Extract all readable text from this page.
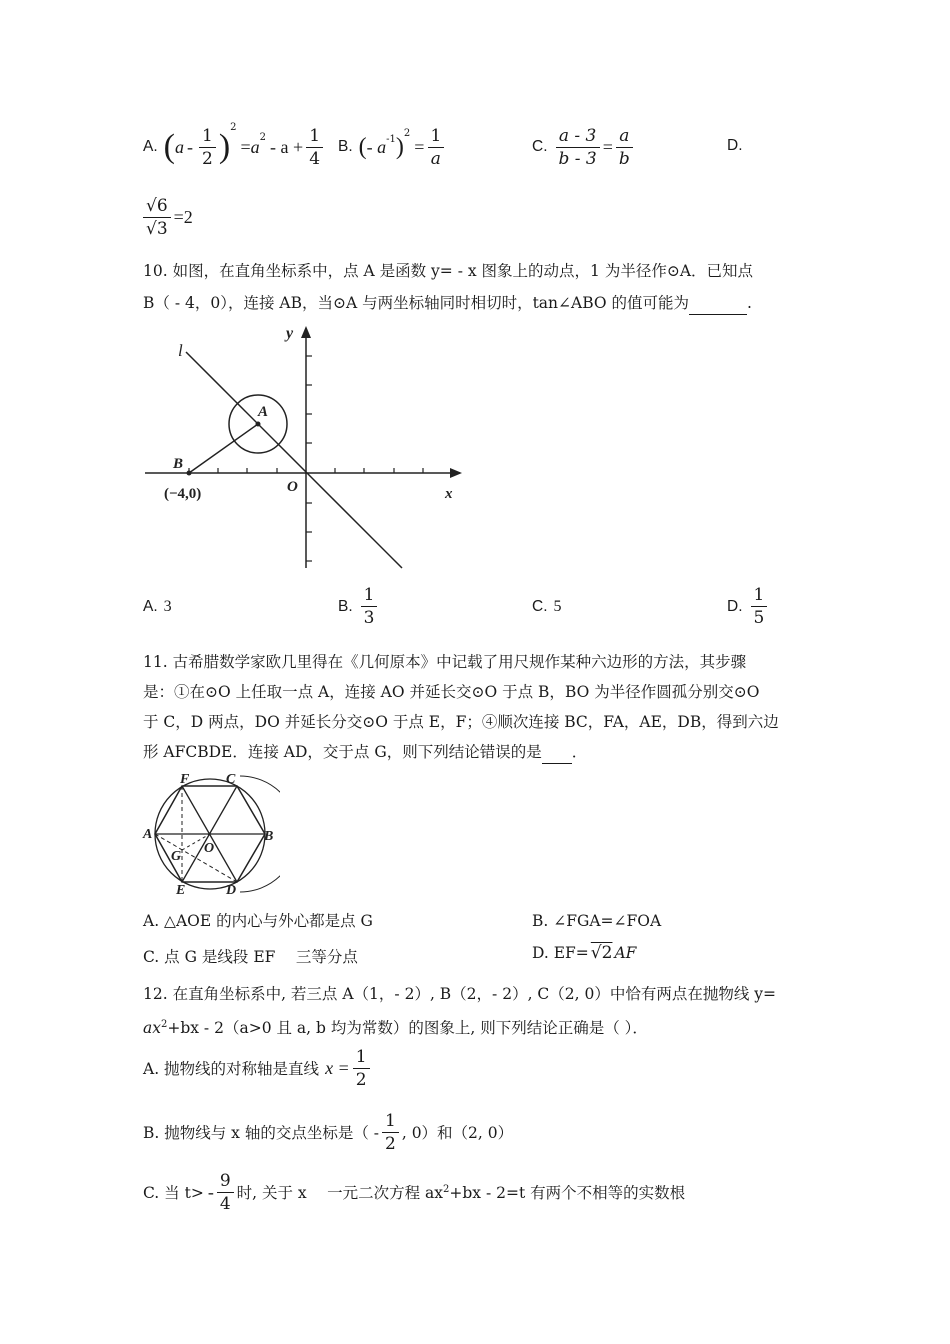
A. ( a - $\frac{1}{2}$ )
$^2$
= $a^2 - a + \frac{1}{4} B$. ( - $a^{-1}$ )$^2$
= $\frac{1}{a}$	C. $\frac{a - 3}{b - 3} = \frac{a}{b}$	D.
$\frac{√6}{√3} =2$
10. 如图，在直角坐标系中，点 A 是函数 y= - x 图象上的动点，1 为半径作⊙A．已知点
B（ - 4，0），连接 AB，当⊙A 与两坐标轴同时相切时，tan∠ABO 的值可能为	.
l
y
A
B
(−4,0)	O	x
A. 3	B. $\frac{1}{3}$	C. 5	D. $\frac{1}{5}$
11. 古希腊数学家欧几里得在《几何原本》中记载了用尺规作某种六边形的方法，其步骤
是：①在⊙O 上任取一点 A，连接 AO 并延长交⊙O 于点 B，BO 为半径作圆孤分别交⊙O
于 C，D 两点，DO 并延长分交⊙O 于点 E，F；④顺次连接 BC，FA，AE，DB，得到六边
形 AFCBDE．连接 AD，交于点 G，则下列结论错误的是 ．
F	C
A	B
O
G
E	D
A. △AOE 的内心与外心都是点 G	B. ∠FGA=∠FOA
C. 点 G 是线段 EF 　三等分点	D. EF= √2 AF
12. 在直角坐标系中, 若三点 A（1，- 2）, B（2，- 2）, C（2, 0）中恰有两点在抛物线 y=
$ax^2+bx - 2(a>0$ 且 a, b 均为常数）的图象上, 则下列结论正确是（ ）．
A. 抛物线的对称轴是直线 $x = \frac{1}{2}$
B. 抛物线与 x 轴的交点坐标是（ - $\frac{1}{2}$ , 0）和（2, 0）
C. 当 $t> - \frac{9}{4}$ 时, 关于 x 　一元二次方程 ax 2 +bx - 2=t 有两个不相等的实数根
